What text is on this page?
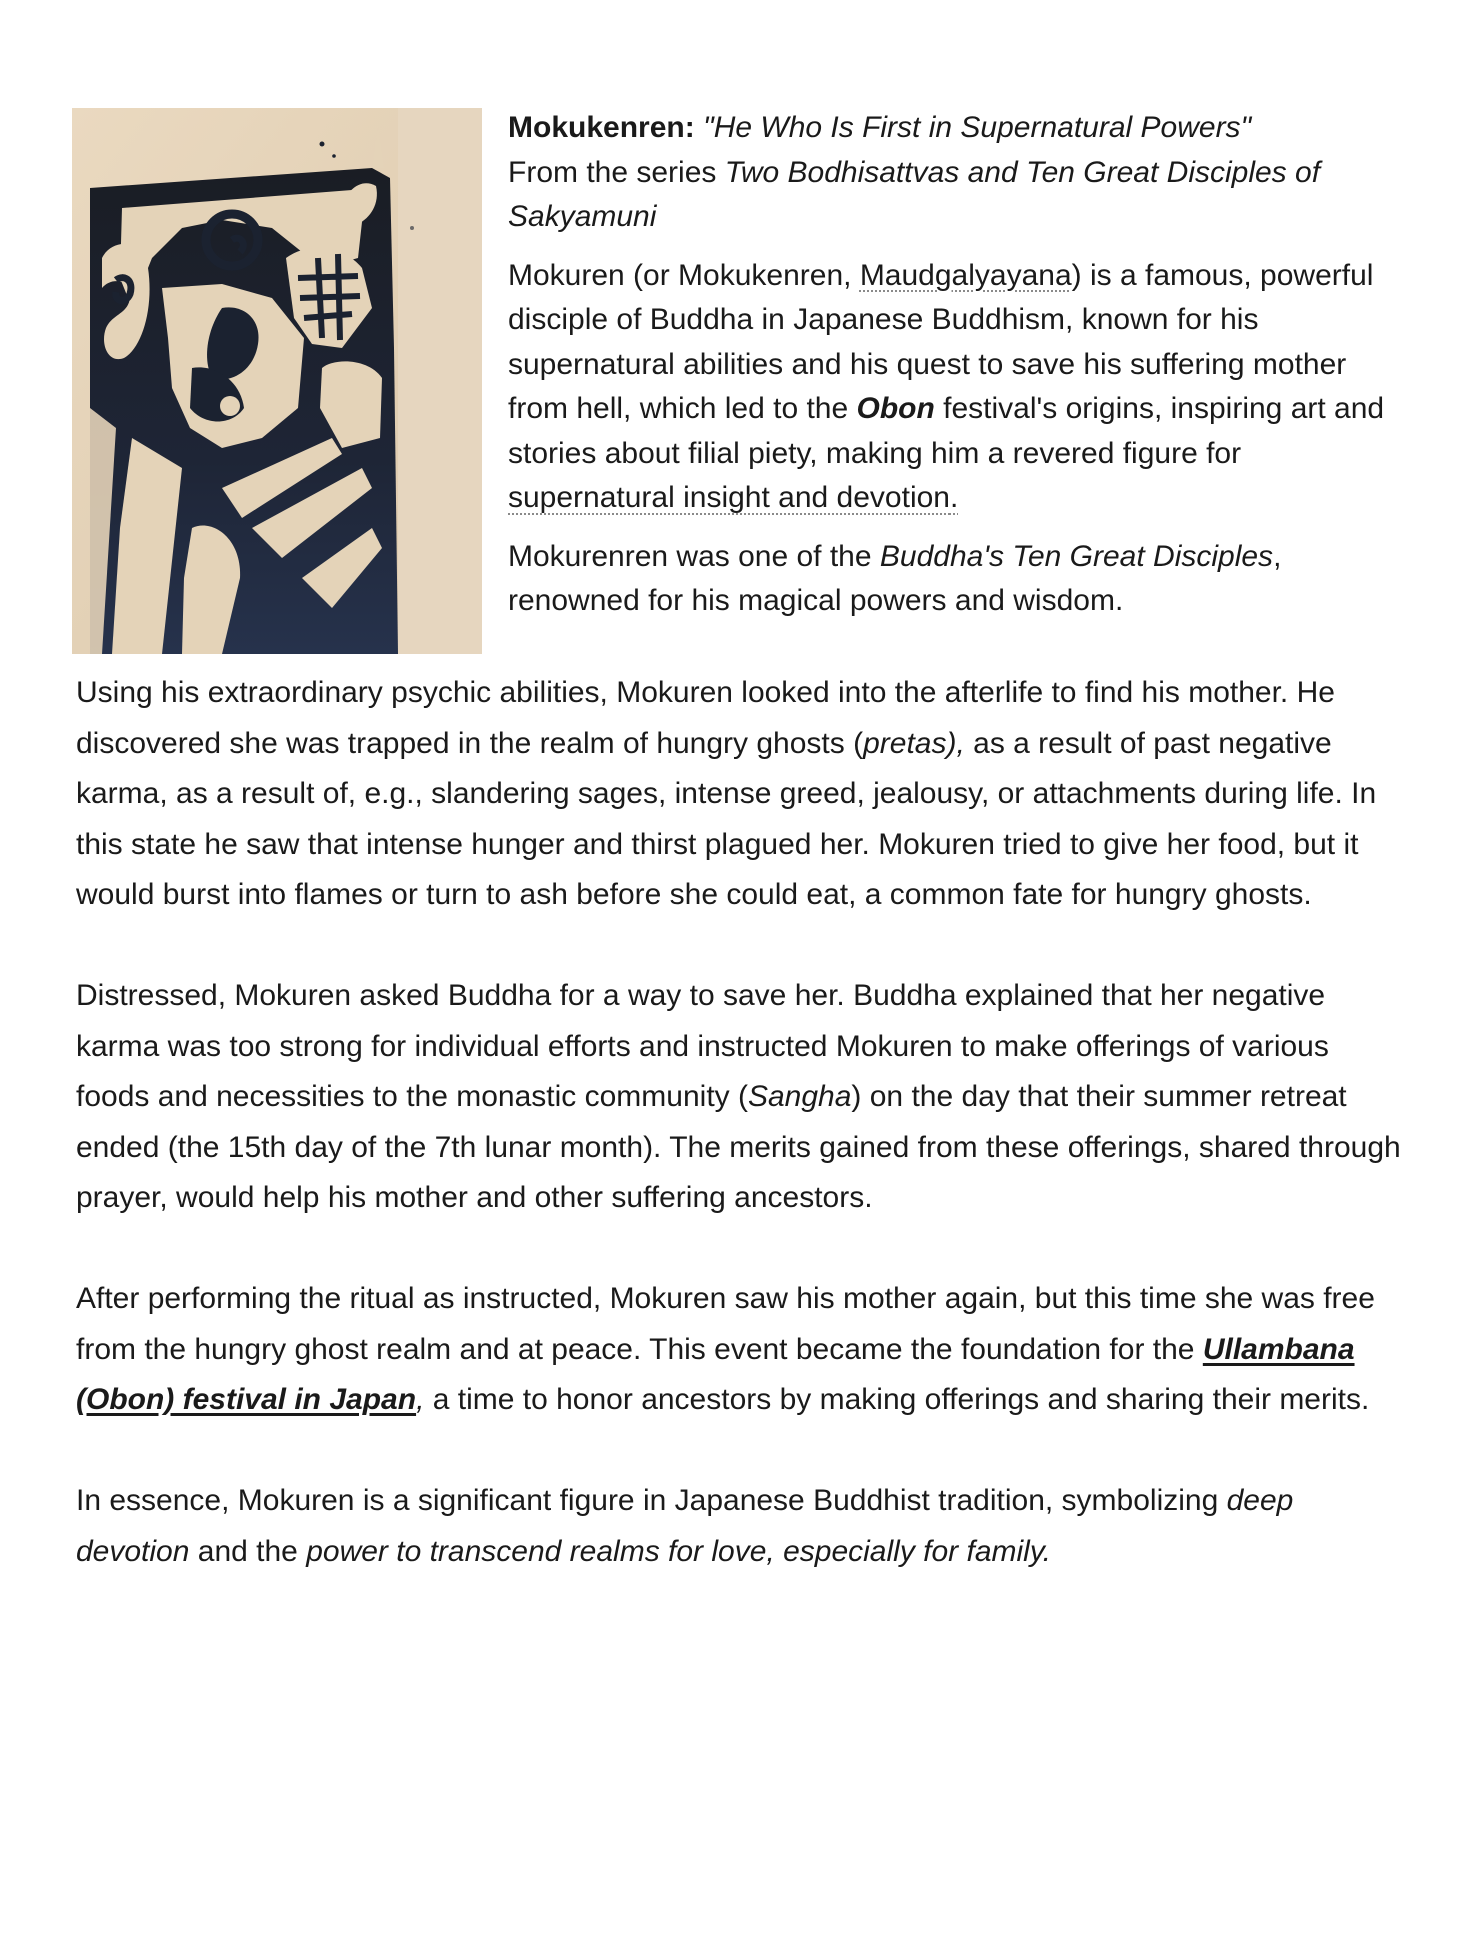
Mokukenren: "He Who Is First in Supernatural Powers"
From the series Two Bodhisattvas and Ten Great Disciples of Sakyamuni

Mokuren (or Mokukenren, Maudgalyayana) is a famous, powerful disciple of Buddha in Japanese Buddhism, known for his supernatural abilities and his quest to save his suffering mother from hell, which led to the Obon festival's origins, inspiring art and stories about filial piety, making him a revered figure for supernatural insight and devotion.

Mokurenren was one of the Buddha's Ten Great Disciples, renowned for his magical powers and wisdom.

Using his extraordinary psychic abilities, Mokuren looked into the afterlife to find his mother. He discovered she was trapped in the realm of hungry ghosts (pretas), as a result of past negative karma, as a result of, e.g., slandering sages, intense greed, jealousy, or attachments during life. In this state he saw that intense hunger and thirst plagued her. Mokuren tried to give her food, but it would burst into flames or turn to ash before she could eat, a common fate for hungry ghosts.

Distressed, Mokuren asked Buddha for a way to save her. Buddha explained that her negative karma was too strong for individual efforts and instructed Mokuren to make offerings of various foods and necessities to the monastic community (Sangha) on the day that their summer retreat ended (the 15th day of the 7th lunar month). The merits gained from these offerings, shared through prayer, would help his mother and other suffering ancestors.

After performing the ritual as instructed, Mokuren saw his mother again, but this time she was free from the hungry ghost realm and at peace. This event became the foundation for the Ullambana (Obon) festival in Japan, a time to honor ancestors by making offerings and sharing their merits.

In essence, Mokuren is a significant figure in Japanese Buddhist tradition, symbolizing deep devotion and the power to transcend realms for love, especially for family.
